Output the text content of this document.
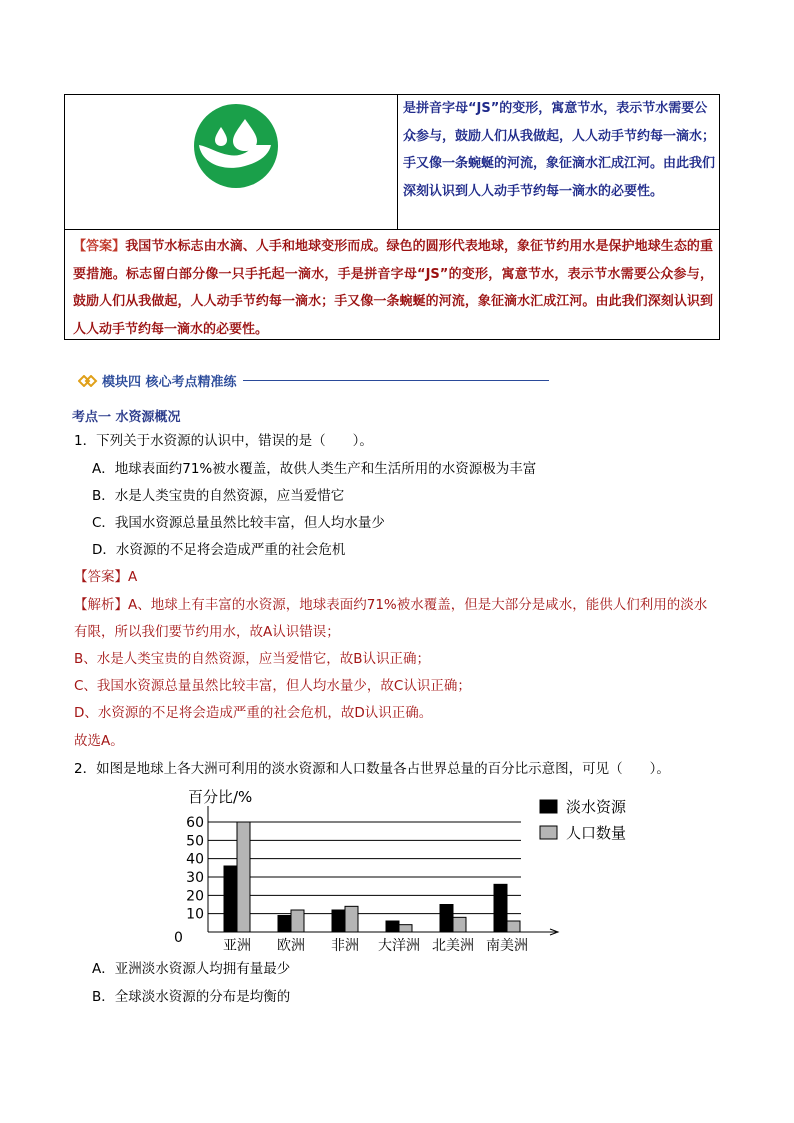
是拼音字母“JS”的变形，寓意节水，表示节水需要公众参与，鼓励人们从我做起，人人动手节约每一滴水；手又像一条蜿蜒的河流，象征滴水汇成江河。由此我们深刻认识到人人动手节约每一滴水的必要性。
【答案】我国节水标志由水滴、人手和地球变形而成。绿色的圆形代表地球，象征节约用水是保护地球生态的重要措施。标志留白部分像一只手托起一滴水，手是拼音字母“JS”的变形，寓意节水，表示节水需要公众参与，鼓励人们从我做起，人人动手节约每一滴水；手又像一条蜿蜒的河流，象征滴水汇成江河。由此我们深刻认识到人人动手节约每一滴水的必要性。
模块四 核心考点精准练
考点一 水资源概况
1．下列关于水资源的认识中，错误的是（　　）。
A．地球表面约71%被水覆盖，故供人类生产和生活所用的水资源极为丰富
B．水是人类宝贵的自然资源，应当爱惜它
C．我国水资源总量虽然比较丰富，但人均水量少
D．水资源的不足将会造成严重的社会危机
【答案】A
【解析】A、地球上有丰富的水资源，地球表面约71%被水覆盖，但是大部分是咸水，能供人们利用的淡水
有限，所以我们要节约用水，故A认识错误；
B、水是人类宝贵的自然资源，应当爱惜它，故B认识正确；
C、我国水资源总量虽然比较丰富，但人均水量少，故C认识正确；
D、水资源的不足将会造成严重的社会危机，故D认识正确。
故选A。
2．如图是地球上各大洲可利用的淡水资源和人口数量各占世界总量的百分比示意图，可见（　　）。
百分比/%
0
10
20
30
40
50
60
亚洲 欧洲 非洲 大洋洲 北美洲 南美洲
淡水资源
人口数量
A．亚洲淡水资源人均拥有量最少
B．全球淡水资源的分布是均衡的
